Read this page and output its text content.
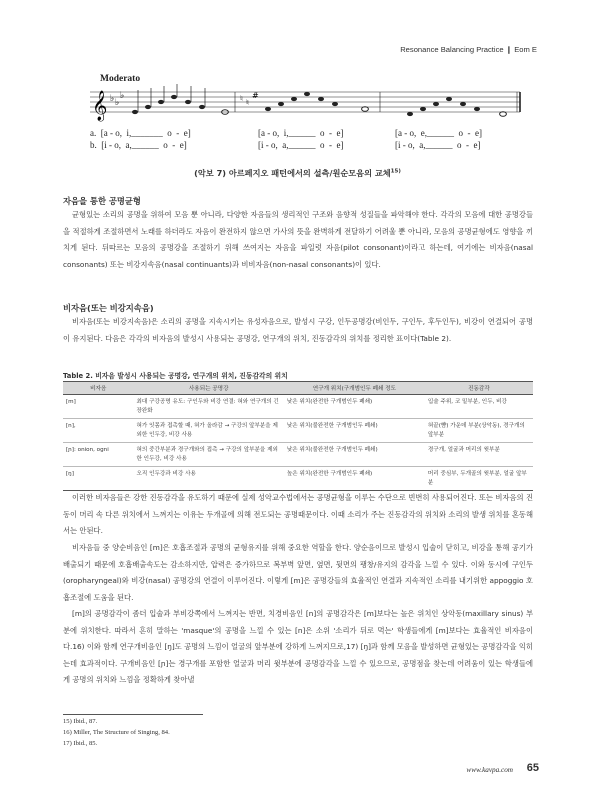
Resonance Balancing Practice ❙ Eom E
Moderato
𝄞 ♭ ♭
♭	♮ ♮
#
a.  [a - o,  i,_______  o  -  e]	[a - o,  i,______  o  -  e]	[a - o,  e,______  o  -  e]
b.  [i - o,  a,______  o  -  e]	[i - o,  a,______  o  -  e]	[i - o,  a,______  o  -  e]
(악보 7) 아르페지오 패턴에서의 설측/원순모음의 교체$^{15)}$
자음을 통한 공명균형

균형있는 소리의 공명을 위하여 모음 뿐 아니라, 다양한 자음들의 생리적인 구조와 음향적 성질들을 파악해야 한다. 각각의 모음에 대한 공명강들을 적절하게 조절하면서 노래를 하더라도 자음이 완전하지 않으면 가사의 뜻을 완벽하게 전달하기 어려울 뿐 아니라, 모음의 공명균형에도 영향을 끼치게 된다. 뒤따르는 모음의 공명강을 조절하기 위해 쓰여지는 자음을 파일럿 자음(pilot consonant)이라고 하는데, 여기에는 비자음(nasal consonants) 또는 비강지속음(nasal continuants)과 비비자음(non-nasal consonants)이 있다.

비자음(또는 비강지속음)

비자음(또는 비강지속음)은 소리의 공명을 지속시키는 유성자음으로, 발성시 구강, 인두공명강(비인두, 구인두, 후두인두), 비강이 연결되어 공명이 유지된다. 다음은 각각의 비자음의 발성시 사용되는 공명강, 연구개의 위치, 진동감각의 위치를 정리한 표이다(Table 2).

Table 2. 비자음 발성시 사용되는 공명강, 연구개의 위치, 진동감각의 위치
비자음	사용되는 공명강	연구개 위치(구개범인두 폐쇄 정도	진동감각
[m]	최대 구강공명 유도: 구인두와 비강 연결: 혀와 연구개의 긴장완화	낮은 위치(완전한 구개범인두 폐쇄)	입술 주위, 코 밑부분, 인두, 비강
[n],	혀가 잇몸과 접촉할 때, 혀가 올라감 → 구강의 앞부분을 제외한 인두강, 비강 사용	낮은 위치(불완전한 구개범인두 폐쇄)	혀끝(뺨) 가운데 부분(상악동), 경구개의 앞부분
[ɲ]: onion, ogni	혀의 중간부분과 경구개와의 접촉 → 구강의 앞부분을 제외한 인두강, 비강 사용	낮은 위치(불완전한 구개범인두 폐쇄)	경구개, 얼굴과 머리의 윗부분
[ŋ]	오직 인두강과 비강 사용	높은 위치(완전한 구개범인두 폐쇄)	머리 중심부, 두개골의 윗부분, 얼굴 앞부분

이러한 비자음들은 강한 진동감각을 유도하기 때문에 실제 성악교수법에서는 공명균형을 이루는 수단으로 빈번히 사용되어진다. 또는 비자음의 진동이 머리 속 다른 위치에서 느껴지는 이유는 두개골에 의해 전도되는 공명때문이다. 이때 소리가 주는 진동감각의 위치와 소리의 발생 위치를 혼동해서는 안된다.

비자음들 중 양순비음인 [m]은 호흡조절과 공명의 균형유지를 위해 중요한 역할을 한다. 양순음이므로 발성시 입술이 닫히고, 비강을 통해 공기가 배출되기 때문에 호흡배출속도는 감소하지만, 압력은 증가하므로 복부벽 앞면, 옆면, 뒷면의 팽창/유지의 감각을 느낄 수 있다. 이와 동시에 구인두(oropharyngeal)와 비강(nasal) 공명강의 연결이 이루어진다. 이렇게 [m]은 공명강들의 효율적인 연결과 지속적인 소리를 내기위한 appoggio 호흡조절에 도움을 된다.

[m]의 공명감각이 좀더 입술과 부비강쪽에서 느껴지는 반면, 치경비음인 [n]의 공명감각은 [m]보다는 높은 위치인 상악동(maxillary sinus) 부분에 위치한다. 따라서 흔히 말하는 'masque'의 공명을 느낄 수 있는 [n]은 소위 '소리가 뒤로 먹는' 학생들에게 [m]보다는 효율적인 비자음이다.16) 이와 함께 연구개비음인 [ŋ]도 공명의 느낌이 얼굴의 앞부분에 강하게 느껴지므로,17) [ŋ]과 함께 모음을 발성하면 균형있는 공명감각을 익히는데 효과적이다. 구개비음인 [ɲ]는 경구개를 포함한 얼굴과 머리 윗부분에 공명감각을 느낄 수 있으므로, 공명점을 찾는데 어려움이 있는 학생들에게 공명의 위치와 느낌을 정확하게 찾아낼

15) Ibid., 87.
16) Miller, The Structure of Singing, 84.
17) Ibid., 85.
www.kavpa.com 65
